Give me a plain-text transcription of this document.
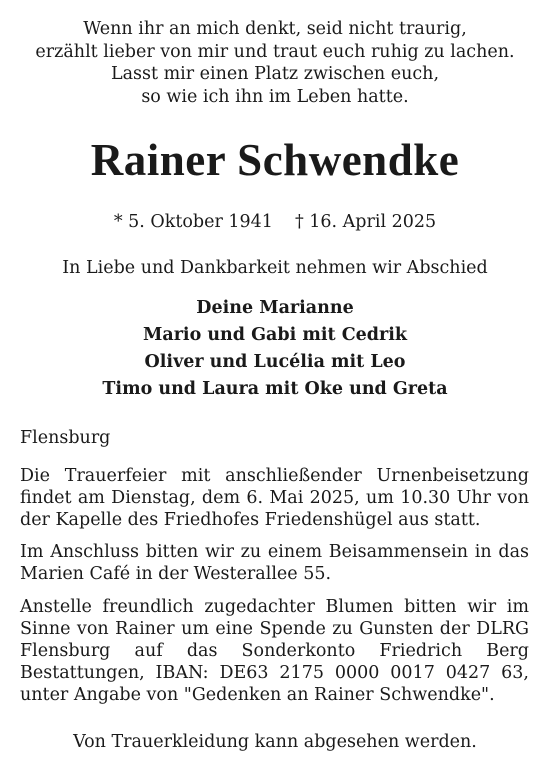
Wenn ihr an mich denkt, seid nicht traurig,
erzählt lieber von mir und traut euch ruhig zu lachen.
Lasst mir einen Platz zwischen euch,
so wie ich ihn im Leben hatte.
Rainer Schwendke
* 5. Oktober 1941 † 16. April 2025
In Liebe und Dankbarkeit nehmen wir Abschied
Deine Marianne
Mario und Gabi mit Cedrik
Oliver und Lucélia mit Leo
Timo und Laura mit Oke und Greta
Flensburg

Die Trauerfeier mit anschließender Urnenbeisetzung findet am Dienstag, dem 6. Mai 2025, um 10.30 Uhr von der Kapelle des Friedhofes Friedenshügel aus statt.

Im Anschluss bitten wir zu einem Beisammensein in das Marien Café in der Westerallee 55.

Anstelle freundlich zugedachter Blumen bitten wir im Sinne von Rainer um eine Spende zu Gunsten der DLRG Flensburg auf das Sonderkonto Friedrich Berg Bestattungen, IBAN: DE63 2175 0000 0017 0427 63, unter Angabe von "Gedenken an Rainer Schwendke".

Von Trauerkleidung kann abgesehen werden.
